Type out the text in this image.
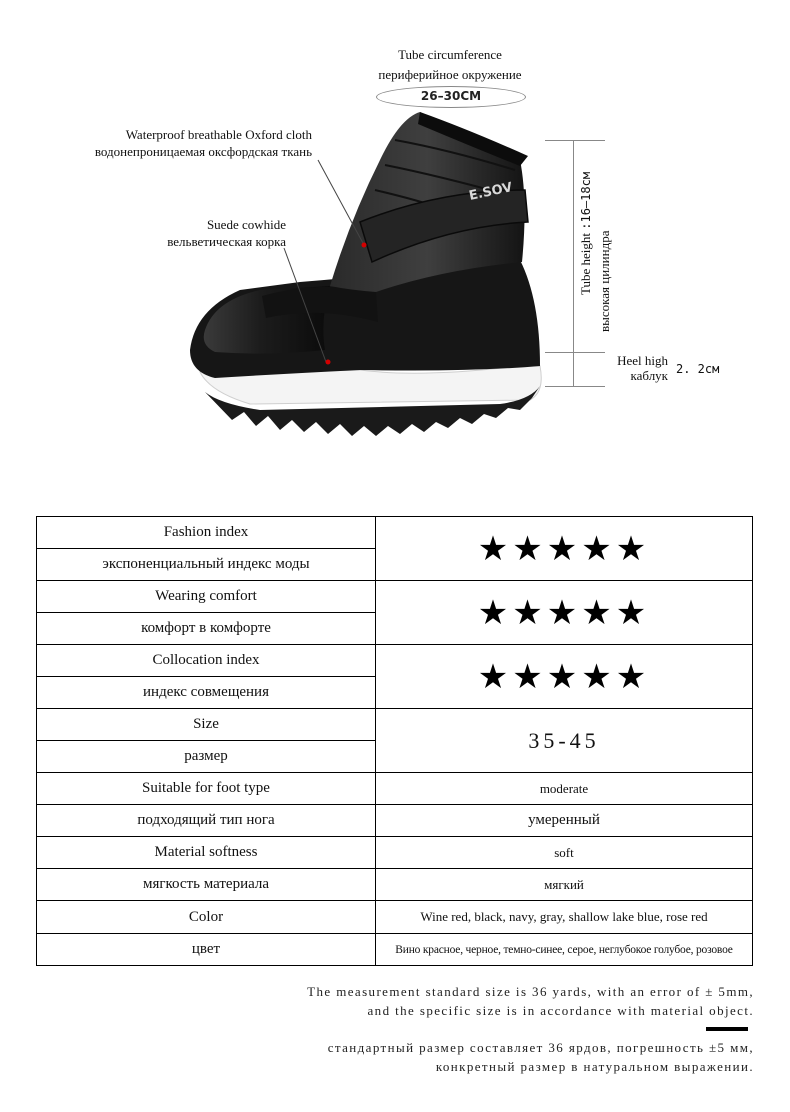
E.SOV
Tube circumference
периферийное окружение
26–30CM
Waterproof breathable Oxford cloth
водонепроницаемая оксфордская ткань
Suede cowhide
вельветическая корка	Tube height :16–18см
высокая цилиндра
Heel high
каблук 2. 2см
Fashion index
экспоненциальный индекс моды	★★★★★
Wearing comfort
комфорт в комфорте	★★★★★
Collocation index
индекс совмещения	★★★★★
Size
размер
35-45
Suitable for foot type	moderate
подходящий тип нога	умеренный
Material softness	soft
мягкость материала	мягкий
Color	Wine red, black, navy, gray, shallow lake blue, rose red
цвет	Вино красное, черное, темно-синее, серое, неглубокое голубое, розовое
The measurement standard size is 36 yards, with an error of ± 5mm,
and the specific size is in accordance with material object.
стандартный размер составляет 36 ярдов, погрешность ±5 мм,
конкретный размер в натуральном выражении.
